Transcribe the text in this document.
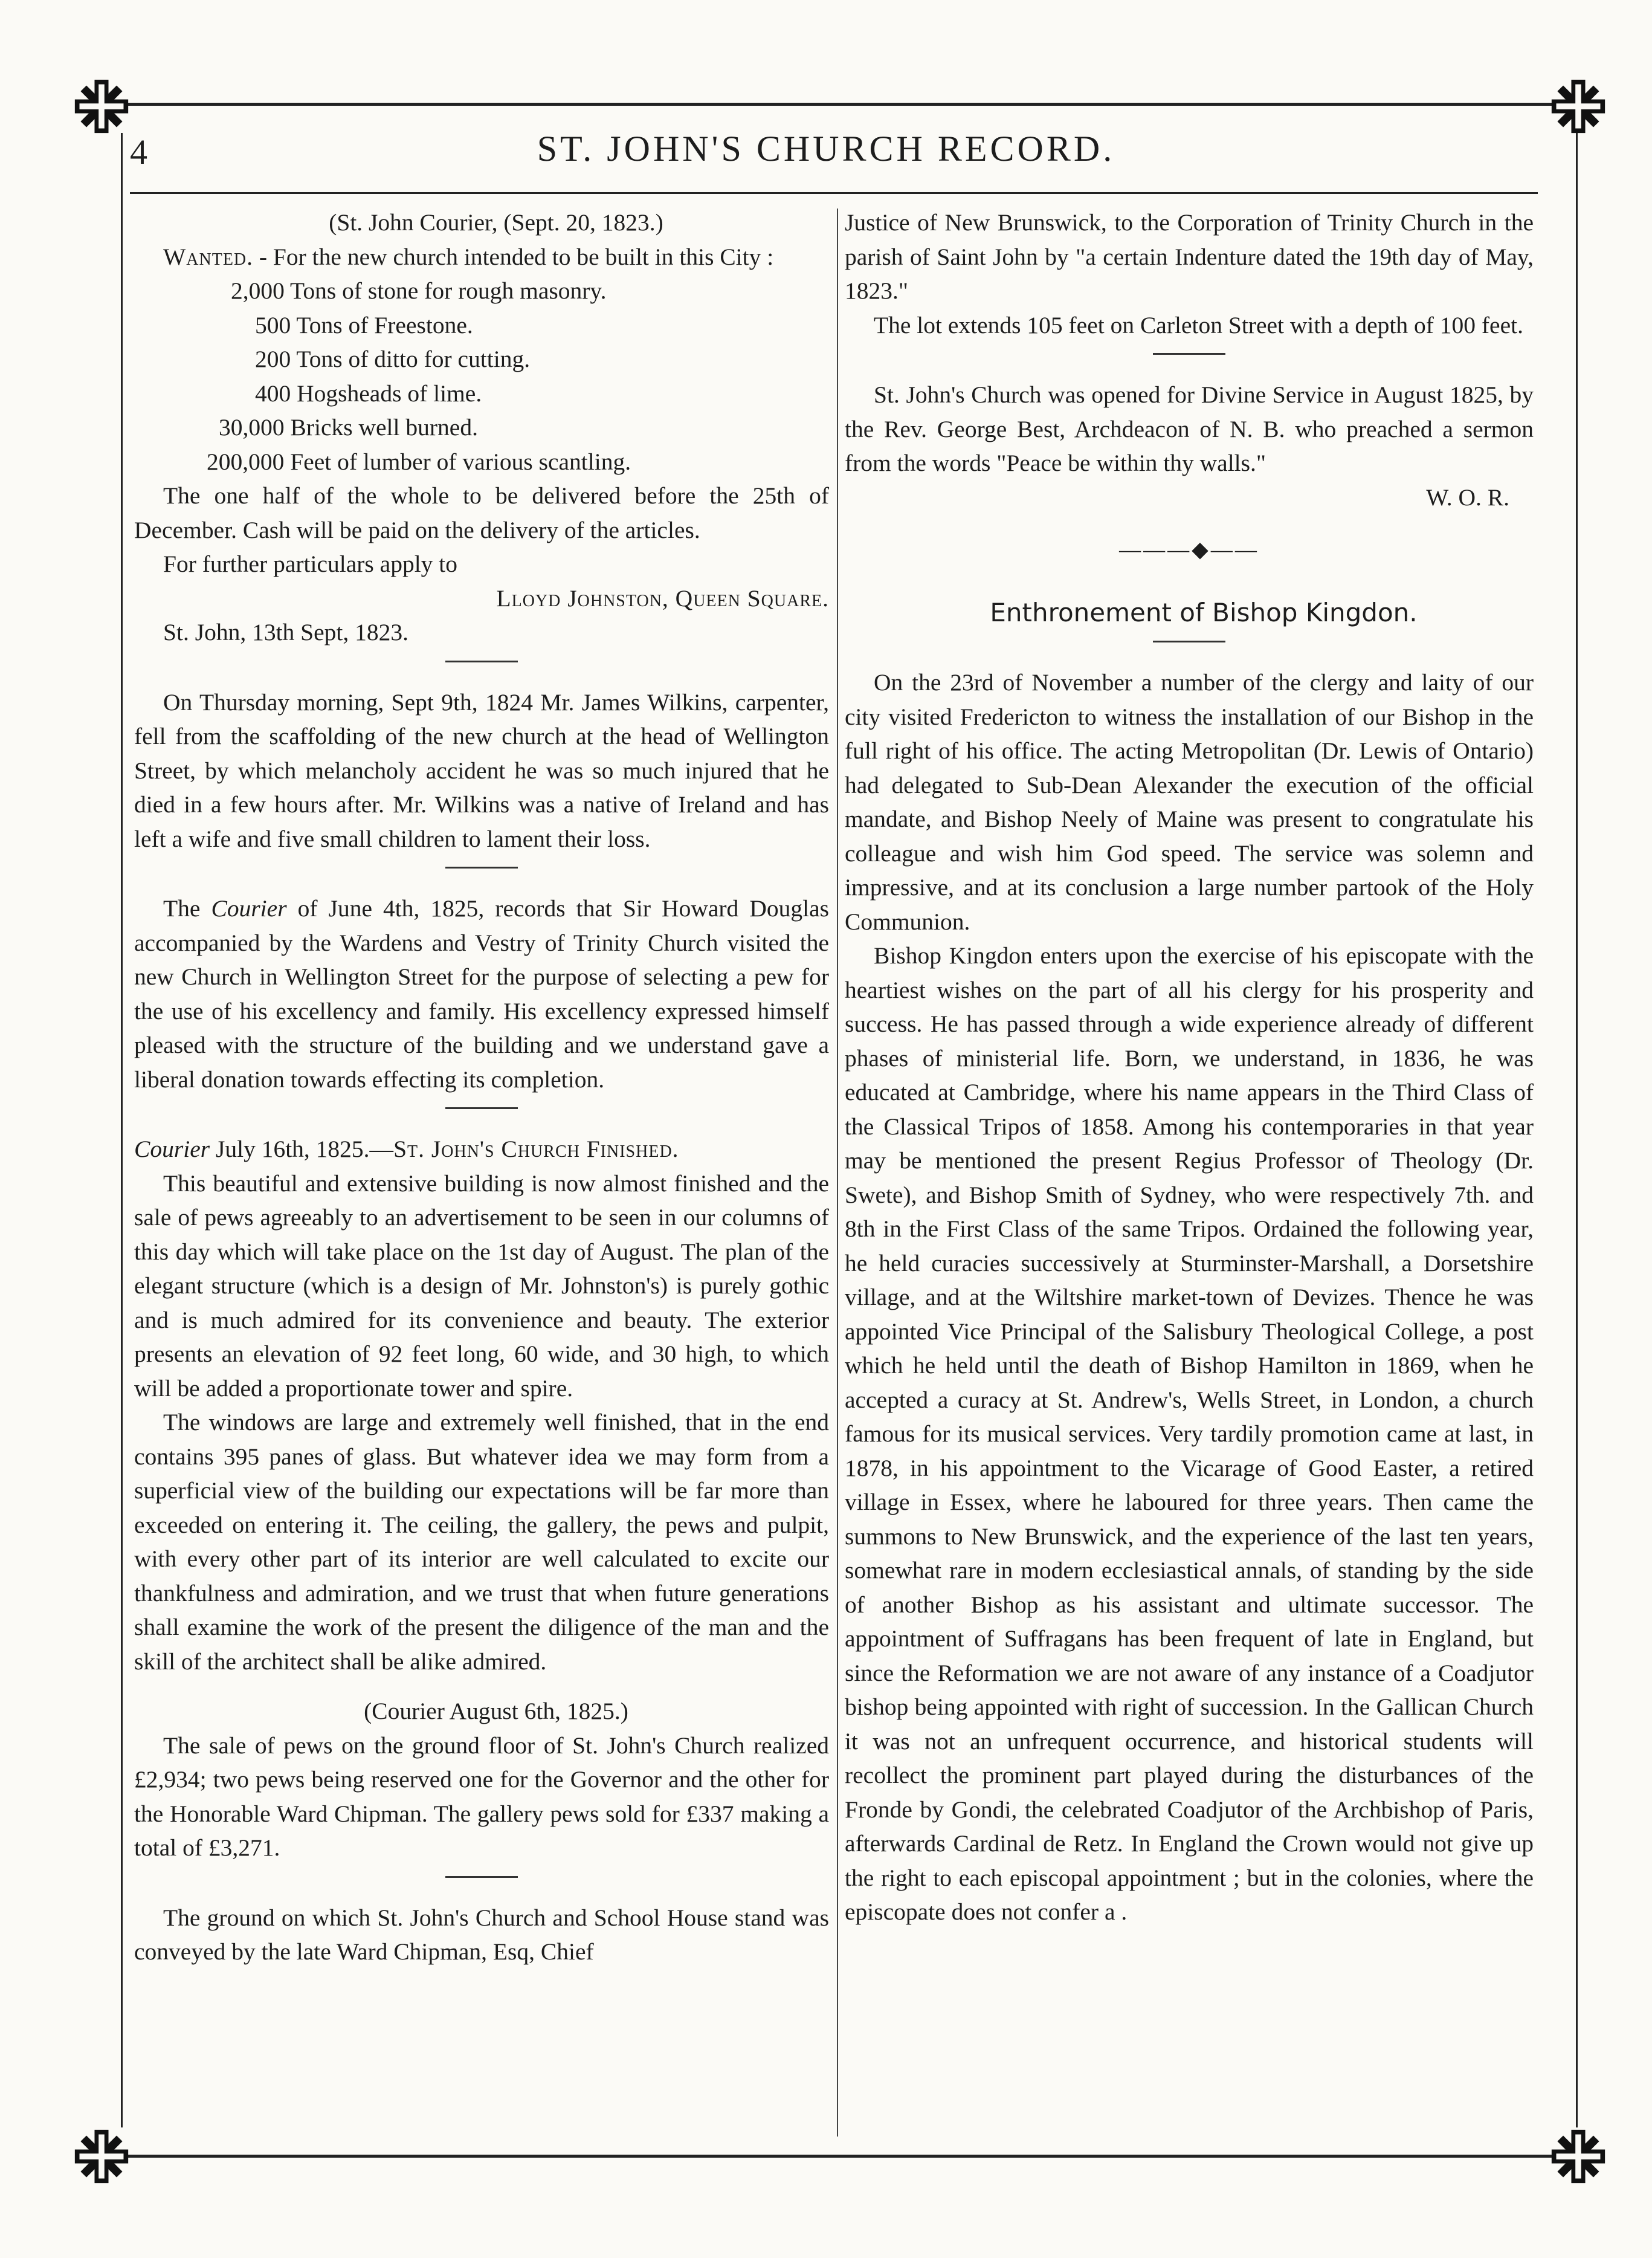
4	ST. JOHN'S CHURCH RECORD.

(St. John Courier, (Sept. 20, 1823.)

Wanted. - For the new church intended to be built in this City :

2,000 Tons of stone for rough masonry.
500 Tons of Freestone.
200 Tons of ditto for cutting.
400 Hogsheads of lime.
30,000 Bricks well burned.
200,000 Feet of lumber of various scantling.

The one half of the whole to be delivered before the 25th of December. Cash will be paid on the delivery of the articles.

For further particulars apply to

Lloyd Johnston, Queen Square.

St. John, 13th Sept, 1823.

On Thursday morning, Sept 9th, 1824 Mr. James Wilkins, carpenter, fell from the scaffolding of the new church at the head of Wellington Street, by which melancholy accident he was so much injured that he died in a few hours after. Mr. Wilkins was a native of Ireland and has left a wife and five small children to lament their loss.

The Courier of June 4th, 1825, records that Sir Howard Douglas accompanied by the Wardens and Vestry of Trinity Church visited the new Church in Wellington Street for the purpose of selecting a pew for the use of his excellency and family. His excellency expressed himself pleased with the structure of the building and we understand gave a liberal donation towards effecting its completion.

Courier July 16th, 1825.—St. John's Church Finished.

This beautiful and extensive building is now almost finished and the sale of pews agreeably to an advertisement to be seen in our columns of this day which will take place on the 1st day of August. The plan of the elegant structure (which is a design of Mr. Johnston's) is purely gothic and is much admired for its convenience and beauty. The exterior presents an elevation of 92 feet long, 60 wide, and 30 high, to which will be added a proportionate tower and spire.

The windows are large and extremely well finished, that in the end contains 395 panes of glass. But whatever idea we may form from a superficial view of the building our expectations will be far more than exceeded on entering it. The ceiling, the gallery, the pews and pulpit, with every other part of its interior are well calculated to excite our thankfulness and admiration, and we trust that when future generations shall examine the work of the present the diligence of the man and the skill of the architect shall be alike admired.

(Courier August 6th, 1825.)

The sale of pews on the ground floor of St. John's Church realized £2,934; two pews being reserved one for the Governor and the other for the Honorable Ward Chipman. The gallery pews sold for £337 making a total of £3,271.

The ground on which St. John's Church and School House stand was conveyed by the late Ward Chipman, Esq, Chief

Justice of New Brunswick, to the Corporation of Trinity Church in the parish of Saint John by "a certain Indenture dated the 19th day of May, 1823."

The lot extends 105 feet on Carleton Street with a depth of 100 feet.

St. John's Church was opened for Divine Service in August 1825, by the Rev. George Best, Archdeacon of N. B. who preached a sermon from the words "Peace be within thy walls."

W. O. R.

———◆——

Enthronement of Bishop Kingdon.

On the 23rd of November a number of the clergy and laity of our city visited Fredericton to witness the installation of our Bishop in the full right of his office. The acting Metropolitan (Dr. Lewis of Ontario) had delegated to Sub-Dean Alexander the execution of the official mandate, and Bishop Neely of Maine was present to congratulate his colleague and wish him God speed. The service was solemn and impressive, and at its conclusion a large number partook of the Holy Communion.

Bishop Kingdon enters upon the exercise of his episcopate with the heartiest wishes on the part of all his clergy for his prosperity and success. He has passed through a wide experience already of different phases of ministerial life. Born, we understand, in 1836, he was educated at Cambridge, where his name appears in the Third Class of the Classical Tripos of 1858. Among his contemporaries in that year may be mentioned the present Regius Professor of Theology (Dr. Swete), and Bishop Smith of Sydney, who were respectively 7th. and 8th in the First Class of the same Tripos. Ordained the following year, he held curacies successively at Sturminster-Marshall, a Dorsetshire village, and at the Wiltshire market-town of Devizes. Thence he was appointed Vice Principal of the Salisbury Theological College, a post which he held until the death of Bishop Hamilton in 1869, when he accepted a curacy at St. Andrew's, Wells Street, in London, a church famous for its musical services. Very tardily promotion came at last, in 1878, in his appointment to the Vicarage of Good Easter, a retired village in Essex, where he laboured for three years. Then came the summons to New Brunswick, and the experience of the last ten years, somewhat rare in modern ecclesiastical annals, of standing by the side of another Bishop as his assistant and ultimate successor. The appointment of Suffragans has been frequent of late in England, but since the Reformation we are not aware of any instance of a Coadjutor bishop being appointed with right of succession. In the Gallican Church it was not an unfrequent occurrence, and historical students will recollect the prominent part played during the disturbances of the Fronde by Gondi, the celebrated Coadjutor of the Archbishop of Paris, afterwards Cardinal de Retz. In England the Crown would not give up the right to each episcopal appointment ; but in the colonies, where the episcopate does not confer a .
